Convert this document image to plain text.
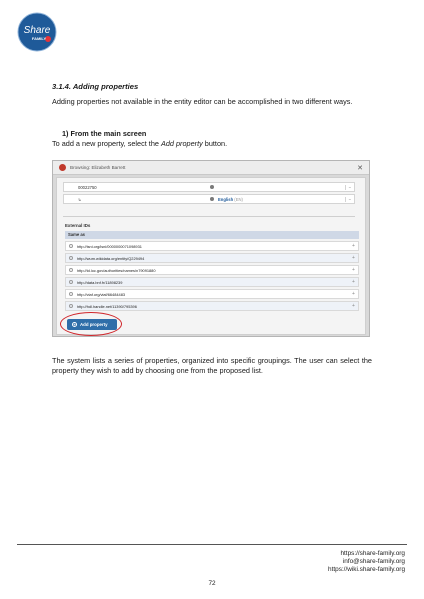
Share
FAMILY
3.1.4. Adding properties
Adding properties not available in the entity editor can be accomplished in two different ways.
1) From the main screen
To add a new property, select the Add property button.
Browsing: Elizabeth Barrett	✕
00022750	−
↳	English
(EN)	−
External IDs
Same as
http://isni.org/isni/0000000071098931	+
http://wum.wikidata.org/entity/Q229494	+
http://id.loc.gov/authorities/names/n79091880	+
http://data.bnf.fr/11898239	+
http://viaf.org/viaf/66484483	+
http://hdl.handle.net/11390/795396	+
+ Add property
The system lists a series of properties, organized into specific groupings. The user can select the property they wish to add by choosing one from the proposed list.
https://share-family.org
info@share-family.org
https://wiki.share-family.org
72
